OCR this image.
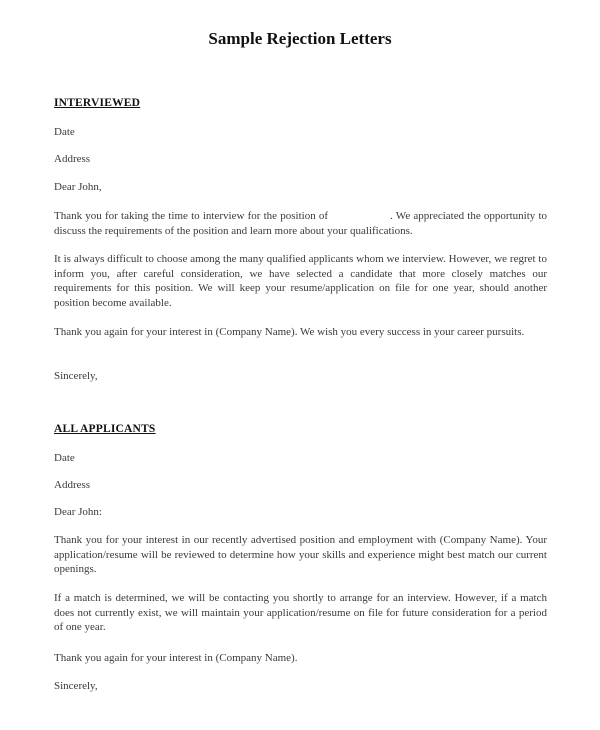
Sample Rejection Letters
INTERVIEWED
Date
Address
Dear John,
Thank you for taking the time to interview for the position of	. We appreciated the opportunity to discuss the requirements of the position and learn more about your qualifications.
It is always difficult to choose among the many qualified applicants whom we interview. However, we regret to inform you, after careful consideration, we have selected a candidate that more closely matches our requirements for this position. We will keep your resume/application on file for one year, should another position become available.
Thank you again for your interest in (Company Name). We wish you every success in your career pursuits.
Sincerely,
ALL APPLICANTS
Date
Address
Dear John:
Thank you for your interest in our recently advertised position and employment with (Company Name). Your application/resume will be reviewed to determine how your skills and experience might best match our current openings.
If a match is determined, we will be contacting you shortly to arrange for an interview. However, if a match does not currently exist, we will maintain your application/resume on file for future consideration for a period of one year.
Thank you again for your interest in (Company Name).
Sincerely,
